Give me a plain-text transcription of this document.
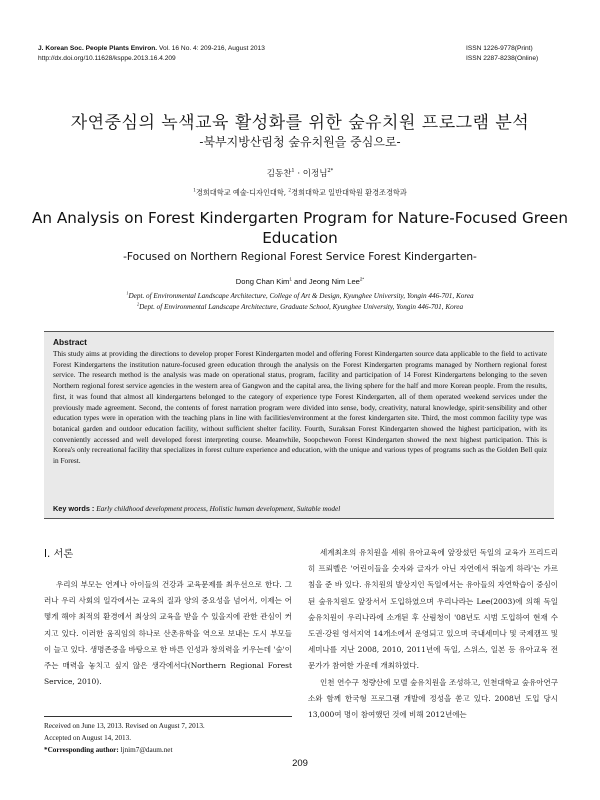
J. Korean Soc. People Plants Environ. Vol. 16 No. 4: 209-216, August 2013
http://dx.doi.org/10.11628/ksppe.2013.16.4.209
ISSN 1226-9778(Print)
ISSN 2287-8238(Online)
자연중심의 녹색교육 활성화를 위한 숲유치원 프로그램 분석
-북부지방산림청 숲유치원을 중심으로-
김동찬$^1$ · 이정님$^{2*}$
$^1$경희대학교 예술·디자인대학, $^2$경희대학교 일반대학원 환경조경학과
An Analysis on Forest Kindergarten Program for Nature-Focused Green Education
-Focused on Northern Regional Forest Service Forest Kindergarten-
Dong Chan Kim$^1$ and Jeong Nim Lee$^{2*}$
$^1$Dept. of Environmental Landscape Architecture, College of Art & Design, Kyunghee University, Yongin 446-701, Korea
$^2$Dept. of Environmental Landscape Architecture, Graduate School, Kyunghee University, Yongin 446-701, Korea
Abstract
This study aims at providing the directions to develop proper Forest Kindergarten model and offering Forest Kindergarten source data applicable to the field to activate Forest Kindergartens the institution nature-focused green education through the analysis on the Forest Kindergarten programs managed by Northern regional forest service. The research method is the analysis was made on operational status, program, facility and participation of 14 Forest Kindergartens belonging to the seven Northern regional forest service agencies in the western area of Gangwon and the capital area, the living sphere for the half and more Korean people. From the results, first, it was found that almost all kindergartens belonged to the category of experience type Forest Kindergarten, all of them operated weekend services under the previously made agreement. Second, the contents of forest narration program were divided into sense, body, creativity, natural knowledge, spirit·sensibility and other education types were in operation with the teaching plans in line with facilities/environment at the forest kindergarten site. Third, the most common facility type was botanical garden and outdoor education facility, without sufficient shelter facility. Fourth, Suraksan Forest Kindergarten showed the highest participation, with its conveniently accessed and well developed forest interpreting course. Meanwhile, Soopchewon Forest Kindergarten showed the next highest participation. This is Korea's only recreational facility that specializes in forest culture experience and education, with the unique and various types of programs such as the Golden Bell quiz in Forest.
Key words : Early childhood development process, Holistic human development, Suitable model
Ⅰ. 서론

우리의 부모는 연계나 아이들의 건강과 교육문제를 최우선으로 한다. 그러나 우리 사회의 일각에서는 교육의 질과 양의 중요성을 넘어서, 이제는 어떻게 해야 최적의 환경에서 최상의 교육을 받을 수 있을지에 관한 관심이 커지고 있다. 이러한 움직임의 하나로 산촌유학을 역으로 보내는 도시 부모들이 늘고 있다. 생명존중을 바탕으로 한 바른 인성과 창의력을 키우는데 '숲'이 주는 매력을 놓치고 싶지 않은 생각에서다(Northern Regional Forest Service, 2010).

세계최초의 유치원을 세워 유아교육에 앞장섰던 독일의 교육가 프리드리히 프뢰벨은 '어린이들을 숫자와 글자가 아닌 자연에서 뛰놀게 하라'는 가르침을 준 바 있다. 유치원의 발상지인 독일에서는 유아들의 자연학습이 중심이 된 숲유치원도 앞장서서 도입하였으며 우리나라는 Lee(2003)에 의해 독일 숲유치원이 우리나라에 소개된 후 산림청이 '08년도 시범 도입하여 현재 수도권·강원 영서지역 14개소에서 운영되고 있으며 국내세미나 및 국제캠프 및 세미나를 지난 2008, 2010, 2011년에 독일, 스위스, 일본 등 유아교육 전문가가 참여한 가운데 개최하였다.

인천 연수구 청량산에 모델 숲유치원을 조성하고, 인천대학교 숲유아연구소와 함께 한국형 프로그램 개발에 정성을 쏟고 있다. 2008년 도입 당시 13,000여 명이 참여했던 것에 비해 2012년에는

Received on June 13, 2013. Revised on August 7, 2013.
Accepted on August 14, 2013.
*Corresponding author: ljnim7@daum.net
209
